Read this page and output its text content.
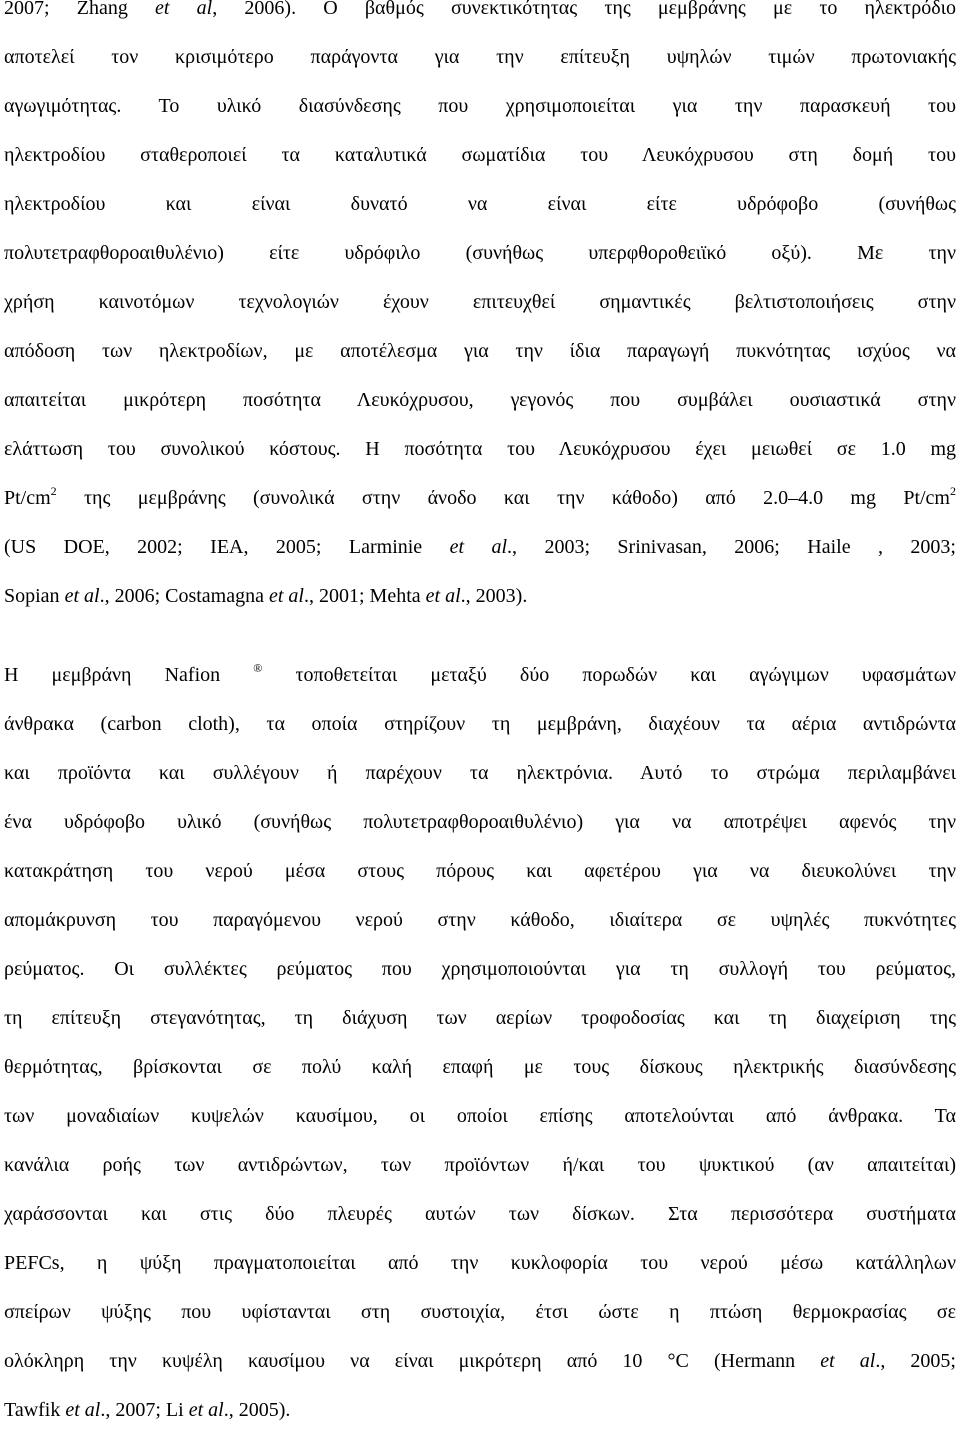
2007; Zhang et al, 2006). Ο βαθμός συνεκτικότητας της μεμβράνης με το ηλεκτρόδιο
αποτελεί τον κρισιμότερο παράγοντα για την επίτευξη υψηλών τιμών πρωτονιακής
αγωγιμότητας. Το υλικό διασύνδεσης που χρησιμοποιείται για την παρασκευή του
ηλεκτροδίου σταθεροποιεί τα καταλυτικά σωματίδια του Λευκόχρυσου στη δομή του
ηλεκτροδίου και είναι δυνατό να είναι είτε υδρόφοβο (συνήθως
πολυτετραφθοροαιθυλένιο) είτε υδρόφιλο (συνήθως υπερφθοροθειϊκό οξύ). Με την
χρήση καινοτόμων τεχνολογιών έχουν επιτευχθεί σημαντικές βελτιστοποιήσεις στην
απόδοση των ηλεκτροδίων, με αποτέλεσμα για την ίδια παραγωγή πυκνότητας ισχύος να
απαιτείται μικρότερη ποσότητα Λευκόχρυσου, γεγονός που συμβάλει ουσιαστικά στην
ελάττωση του συνολικού κόστους. Η ποσότητα του Λευκόχρυσου έχει μειωθεί σε 1.0 mg
$Pt/cm^2$ της μεμβράνης (συνολικά στην άνοδο και την κάθοδο) από 2.0–4.0 mg $Pt/cm^2$
(US DOE, 2002; IEA, 2005; Larminie et al., 2003; Srinivasan, 2006; Haile , 2003;
Sopian et al., 2006; Costamagna et al., 2001; Mehta et al., 2003).
Η μεμβράνη Nafion ® τοποθετείται μεταξύ δύο πορωδών και αγώγιμων υφασμάτων
άνθρακα (carbon cloth), τα οποία στηρίζουν τη μεμβράνη, διαχέουν τα αέρια αντιδρώντα
και προϊόντα και συλλέγουν ή παρέχουν τα ηλεκτρόνια. Αυτό το στρώμα περιλαμβάνει
ένα υδρόφοβο υλικό (συνήθως πολυτετραφθοροαιθυλένιο) για να αποτρέψει αφενός την
κατακράτηση του νερού μέσα στους πόρους και αφετέρου για να διευκολύνει την
απομάκρυνση του παραγόμενου νερού στην κάθοδο, ιδιαίτερα σε υψηλές πυκνότητες
ρεύματος. Οι συλλέκτες ρεύματος που χρησιμοποιούνται για τη συλλογή του ρεύματος,
τη επίτευξη στεγανότητας, τη διάχυση των αερίων τροφοδοσίας και τη διαχείριση της
θερμότητας, βρίσκονται σε πολύ καλή επαφή με τους δίσκους ηλεκτρικής διασύνδεσης
των μοναδιαίων κυψελών καυσίμου, οι οποίοι επίσης αποτελούνται από άνθρακα. Τα
κανάλια ροής των αντιδρώντων, των προϊόντων ή/και του ψυκτικού (αν απαιτείται)
χαράσσονται και στις δύο πλευρές αυτών των δίσκων. Στα περισσότερα συστήματα
PEFCs, η ψύξη πραγματοποιείται από την κυκλοφορία του νερού μέσω κατάλληλων
σπείρων ψύξης που υφίστανται στη συστοιχία, έτσι ώστε η πτώση θερμοκρασίας σε
ολόκληρη την κυψέλη καυσίμου να είναι μικρότερη από 10 °C (Hermann et al., 2005;
Tawfik et al., 2007; Li et al., 2005).
